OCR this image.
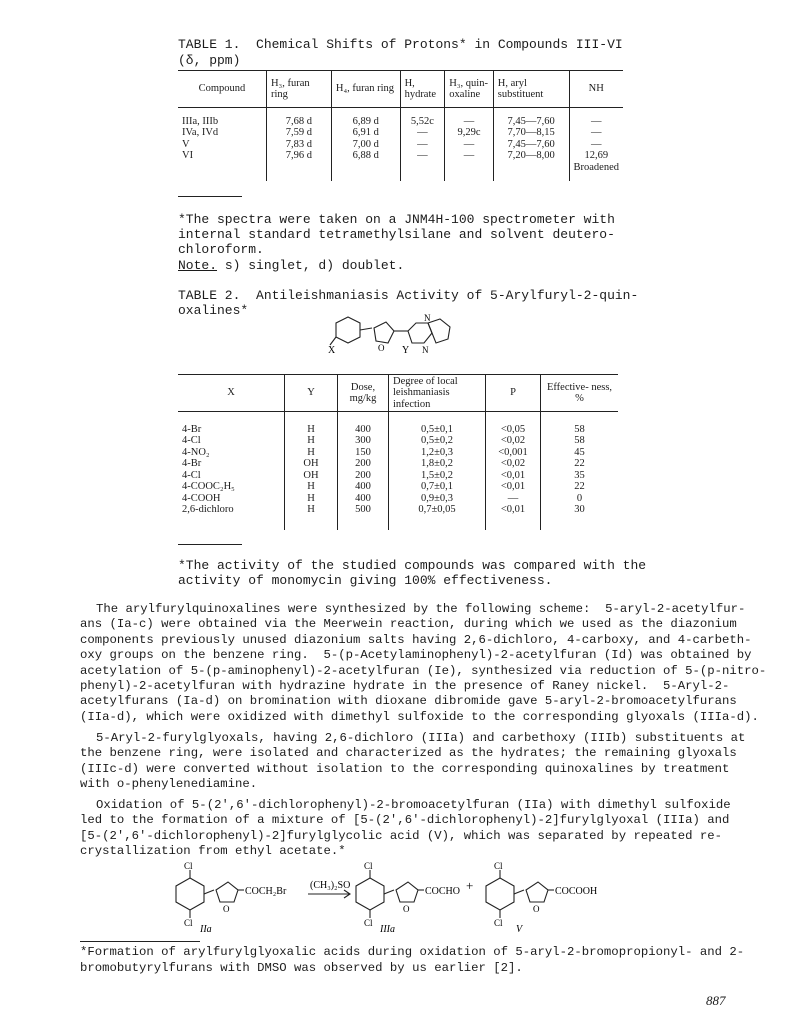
TABLE 1.  Chemical Shifts of Protons* in Compounds III-VI
(δ, ppm)
Compound	H₃, furan ring	H₄, furan ring	H, hydrate	H₃, quin- oxaline	H, aryl substituent	NH

IIIa, IIIb	7,68 d	6,89 d	5,52c	—	7,45—7,60	—
IVa, IVd	7,59 d	6,91 d	—	9,29c	7,70—8,15	—
V	7,83 d	7,00 d	—	—	7,45—7,60	—
VI	7,96 d	6,88 d	—	—	7,20—8,00	12,69
						Broadened
*The spectra were taken on a JNM4H-100 spectrometer with
internal standard tetramethylsilane and solvent deutero-
chloroform.
Note. s) singlet, d) doublet.
TABLE 2.  Antileishmaniasis Activity of 5-Arylfuryl-2-quin-
oxalines*
X	Y
O
N
N
X	Y	Dose, mg/kg	Degree of local leishmaniasis infection	P	Effective- ness, %

4-Br	H	400	0,5±0,1	<0,05	58
4-Cl	H	300	0,5±0,2	<0,02	58
4-NO₂	H	150	1,2±0,3	<0,001	45
4-Br	OH	200	1,8±0,2	<0,02	22
4-Cl	OH	200	1,5±0,2	<0,01	35
4-COOC₂H₅	H	400	0,7±0,1	<0,01	22
4-COOH	H	400	0,9±0,3	—	0
2,6-dichloro	H	500	0,7±0,05	<0,01	30

*The activity of the studied compounds was compared with the
activity of monomycin giving 100% effectiveness.
The arylfurylquinoxalines were synthesized by the following scheme:  5-aryl-2-acetylfur-
ans (Ia-c) were obtained via the Meerwein reaction, during which we used as the diazonium
components previously unused diazonium salts having 2,6-dichloro, 4-carboxy, and 4-carbeth-
oxy groups on the benzene ring.  5-(p-Acetylaminophenyl)-2-acetylfuran (Id) was obtained by
acetylation of 5-(p-aminophenyl)-2-acetylfuran (Ie), synthesized via reduction of 5-(p-nitro-
phenyl)-2-acetylfuran with hydrazine hydrate in the presence of Raney nickel.  5-Aryl-2-
acetylfurans (Ia-d) on bromination with dioxane dibromide gave 5-aryl-2-bromoacetylfurans
(IIa-d), which were oxidized with dimethyl sulfoxide to the corresponding glyoxals (IIIa-d).
5-Aryl-2-furylglyoxals, having 2,6-dichloro (IIIa) and carbethoxy (IIIb) substituents at
the benzene ring, were isolated and characterized as the hydrates; the remaining glyoxals
(IIIc-d) were converted without isolation to the corresponding quinoxalines by treatment
with o-phenylenediamine.
Oxidation of 5-(2',6'-dichlorophenyl)-2-bromoacetylfuran (IIa) with dimethyl sulfoxide
led to the formation of a mixture of [5-(2',6'-dichlorophenyl)-2]furylglyoxal (IIIa) and
[5-(2',6'-dichlorophenyl)-2]furylglycolic acid (V), which was separated by repeated re-
crystallization from ethyl acetate.*
Cl
Cl
O
COCH₂Br
IIa
(CH₃)₂SO
Cl
Cl
O
COCHO
IIIa
+
Cl
Cl
O
COCOOH
V
*Formation of arylfurylglyoxalic acids during oxidation of 5-aryl-2-bromopropionyl- and 2-
bromobutyrylfurans with DMSO was observed by us earlier [2].
887
